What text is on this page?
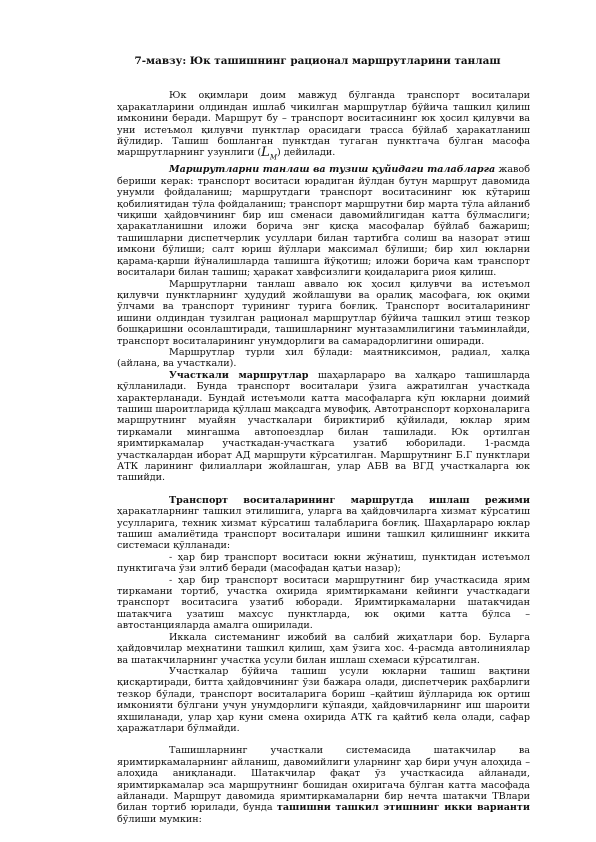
7-мавзу: Юк ташишнинг рационал маршрутларини танлаш

Юк оқимлари доим мавжуд бўлганда транспорт воситалари ҳаракатларини олдиндан ишлаб чикилган маршрутлар бўйича ташкил қилиш имконини беради. Маршрут бу – транспорт воситасининг юк ҳосил қилувчи ва уни истеъмол қилувчи пунктлар орасидаги трасса бўйлаб ҳаракатланиш йўлидир. Ташиш бошланган пунктдан тугаган пунктгача бўлган масофа маршрутларнинг узунлиги $(L_M)$ дейилади.

Маршрутларни танлаш ва тузиш қуйидаги талабларга жавоб бериши керак: транспорт воситаси юрадиган йўлдан бутун маршрут давомида унумли фойдаланиш; маршрутдаги транспорт воситасининг юк кўтариш қобилиятидан тўла фойдаланиш; транспорт маршрутни бир марта тўла айланиб чиқиши ҳайдовчининг бир иш сменаси давомийлигидан катта бўлмаслиги; ҳаракатланишни иложи борича энг қисқа масофалар бўйлаб бажариш; ташишларни диспетчерлик усуллари билан тартибга солиш ва назорат этиш имкони бўлиши; салт юриш йўллари максимал бўлиши; бир хил юкларни қарама-қарши йўналишларда ташишга йўқотиш; иложи борича кам транспорт воситалари билан ташиш; ҳаракат хавфсизлиги қоидаларига риоя қилиш.

Маршрутларни танлаш аввало юк ҳосил қилувчи ва истеъмол қилувчи пунктларнинг ҳудудий жойлашуви ва оралиқ масофага, юк оқими ўлчами ва транспорт турининг турига боғлиқ. Транспорт воситаларининг ишини олдиндан тузилган рационал маршрутлар бўйича ташкил этиш тезкор бошқаришни осонлаштиради, ташишларнинг мунтазамлилигини таъминлайди, транспорт воситаларининг унумдорлиги ва самарадорлигини оширади.

Маршрутлар турли хил бўлади: маятниксимон, радиал, халқа (айлана, ва участкали).

Участкали маршрутлар шаҳарлараро ва халқаро ташишларда қўлланилади. Бунда транспорт воситалари ўзига ажратилган участкада характерланади. Бундай истеъмоли катта масофаларга кўп юкларни доимий ташиш шароитларида қўллаш мақсадга мувофиқ. Автотранспорт корхоналарига маршрутнинг муайян участкалари бириктириб қўйилади, юклар ярим тиркамали мингашма автопоездлар билан ташилади. Юк ортилган яримтиркамалар участкадан-участкага узатиб юборилади. 1-расмда участкалардан иборат АД маршрути кўрсатилган. Маршрутнинг Б.Г пунктлари АТК ларининг филиаллари жойлашган, улар АБВ ва ВГД участкаларга юк ташийди.

Транспорт воситаларининг маршрутда ишлаш режими ҳаракатларнинг ташкил этилишига, уларга ва ҳайдовчиларга хизмат кўрсатиш усулларига, техник хизмат кўрсатиш талабларига боғлиқ. Шаҳарлараро юклар ташиш амалиётида транспорт воситалари ишини ташкил қилишнинг иккита системаси қўлланади:

- ҳар бир транспорт воситаси юкни жўнатиш, пунктидан истеъмол пунктигача ўзи элтиб беради (масофадан қатъи назар);

- ҳар бир транспорт воситаси маршрутнинг бир участкасида ярим тиркамани тортиб, участка охирида яримтиркамани кейинги участкадаги транспорт воситасига узатиб юборади. Яримтиркамаларни шатакчидан шатакчига узатиш махсус пунктларда, юк оқими катта бўлса – автостанцияларда амалга оширилади.

Иккала системанинг ижобий ва салбий жиҳатлари бор. Буларга ҳайдовчилар меҳнатини ташкил қилиш, ҳам ўзига хос. 4-расмда автолиниялар ва шатакчиларнинг участка усули билан ишлаш схемаси кўрсатилган.

Участкалар бўйича ташиш усули юкларни ташиш вақтини қисқартиради, битта ҳайдовчининг ўзи бажара олади, диспетчерик раҳбарлиги тезкор бўлади, транспорт воситаларига бориш –қайтиш йўлларида юк ортиш имконияти бўлгани учун унумдорлиги кўпаяди, ҳайдовчиларнинг иш шароити яхшиланади, улар ҳар куни смена охирида АТК га қайтиб кела олади, сафар ҳаражатлари бўлмайди.

Ташишларнинг участкали системасида шатакчилар ва яримтиркамаларнинг айланиш, давомийлиги уларнинг ҳар бири учун алоҳида – алоҳида аниқланади. Шатакчилар фақат ўз участкасида айланади, яримтиркамалар эса маршрутнинг бошидан охиригача бўлган катта масофада айланади. Маршрут давомида яримтиркамаларни бир нечта шатакчи ТВлари билан тортиб юрилади, бунда ташишни ташкил этишнинг икки варианти бўлиши мумкин:
